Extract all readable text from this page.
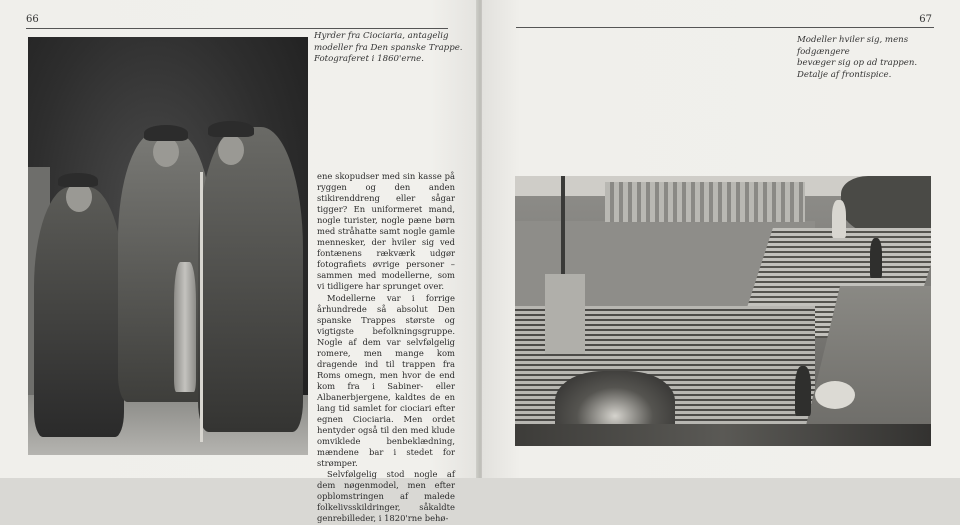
66
Hyrder fra Ciociaria, antagelig
modeller fra Den spanske Trappe.
Fotograferet i 1860'erne.

ene skopudser med sin kasse på ryggen og den anden stikirenddreng eller sågar tigger? En uniformeret mand, nogle turister, nogle pæne børn med stråhatte samt nogle gamle mennesker, der hviler sig ved fontænens rækværk udgør fotografiets øvrige personer – sammen med modellerne, som vi tidligere har sprunget over.

Modellerne var i forrige århundrede så absolut Den spanske Trappes største og vigtigste befolkningsgruppe. Nogle af dem var selvfølgelig romere, men mange kom dragende ind til trappen fra Roms omegn, men hvor de end kom fra i Sabiner- eller Albanerbjergene, kaldtes de en lang tid samlet for ciociari efter egnen Ciociaria. Men ordet hentyder også til den med klude omviklede benbeklædning, mændene bar i stedet for strømper.

Selvfølgelig stod nogle af dem nøgenmodel, men efter opblomstringen af malede folkelivsskildringer, såkaldte genrebilleder, i 1820'rne behø-

67
Modeller hviler sig, mens fodgængere
bevæger sig op ad trappen.
Detalje af frontispice.
